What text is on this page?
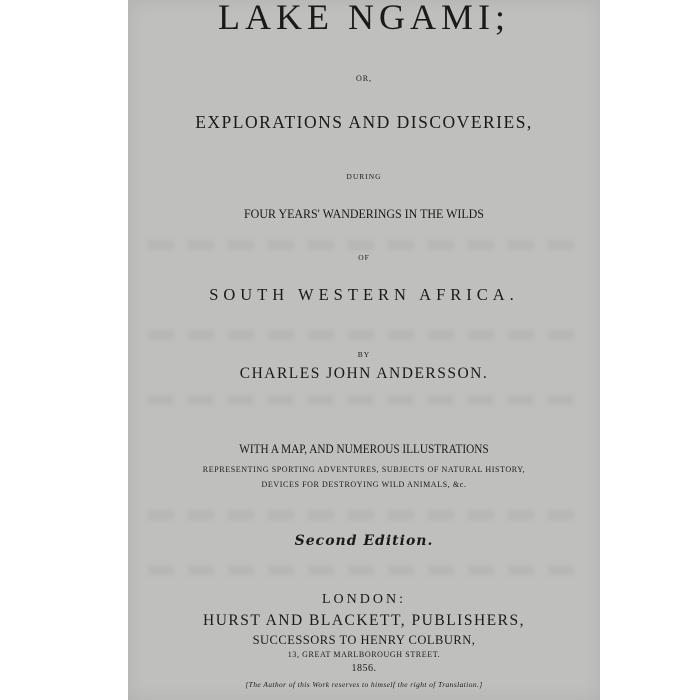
LAKE NGAMI;
OR,
EXPLORATIONS AND DISCOVERIES,
DURING
FOUR YEARS' WANDERINGS IN THE WILDS
OF
SOUTH WESTERN AFRICA.
BY
CHARLES JOHN ANDERSSON.
WITH A MAP, AND NUMEROUS ILLUSTRATIONS
REPRESENTING SPORTING ADVENTURES, SUBJECTS OF NATURAL HISTORY,
DEVICES FOR DESTROYING WILD ANIMALS, &c.
Second Edition.
LONDON:
HURST AND BLACKETT, PUBLISHERS,
SUCCESSORS TO HENRY COLBURN,
13, GREAT MARLBOROUGH STREET.
1856.
[The Author of this Work reserves to himself the right of Translation.]
